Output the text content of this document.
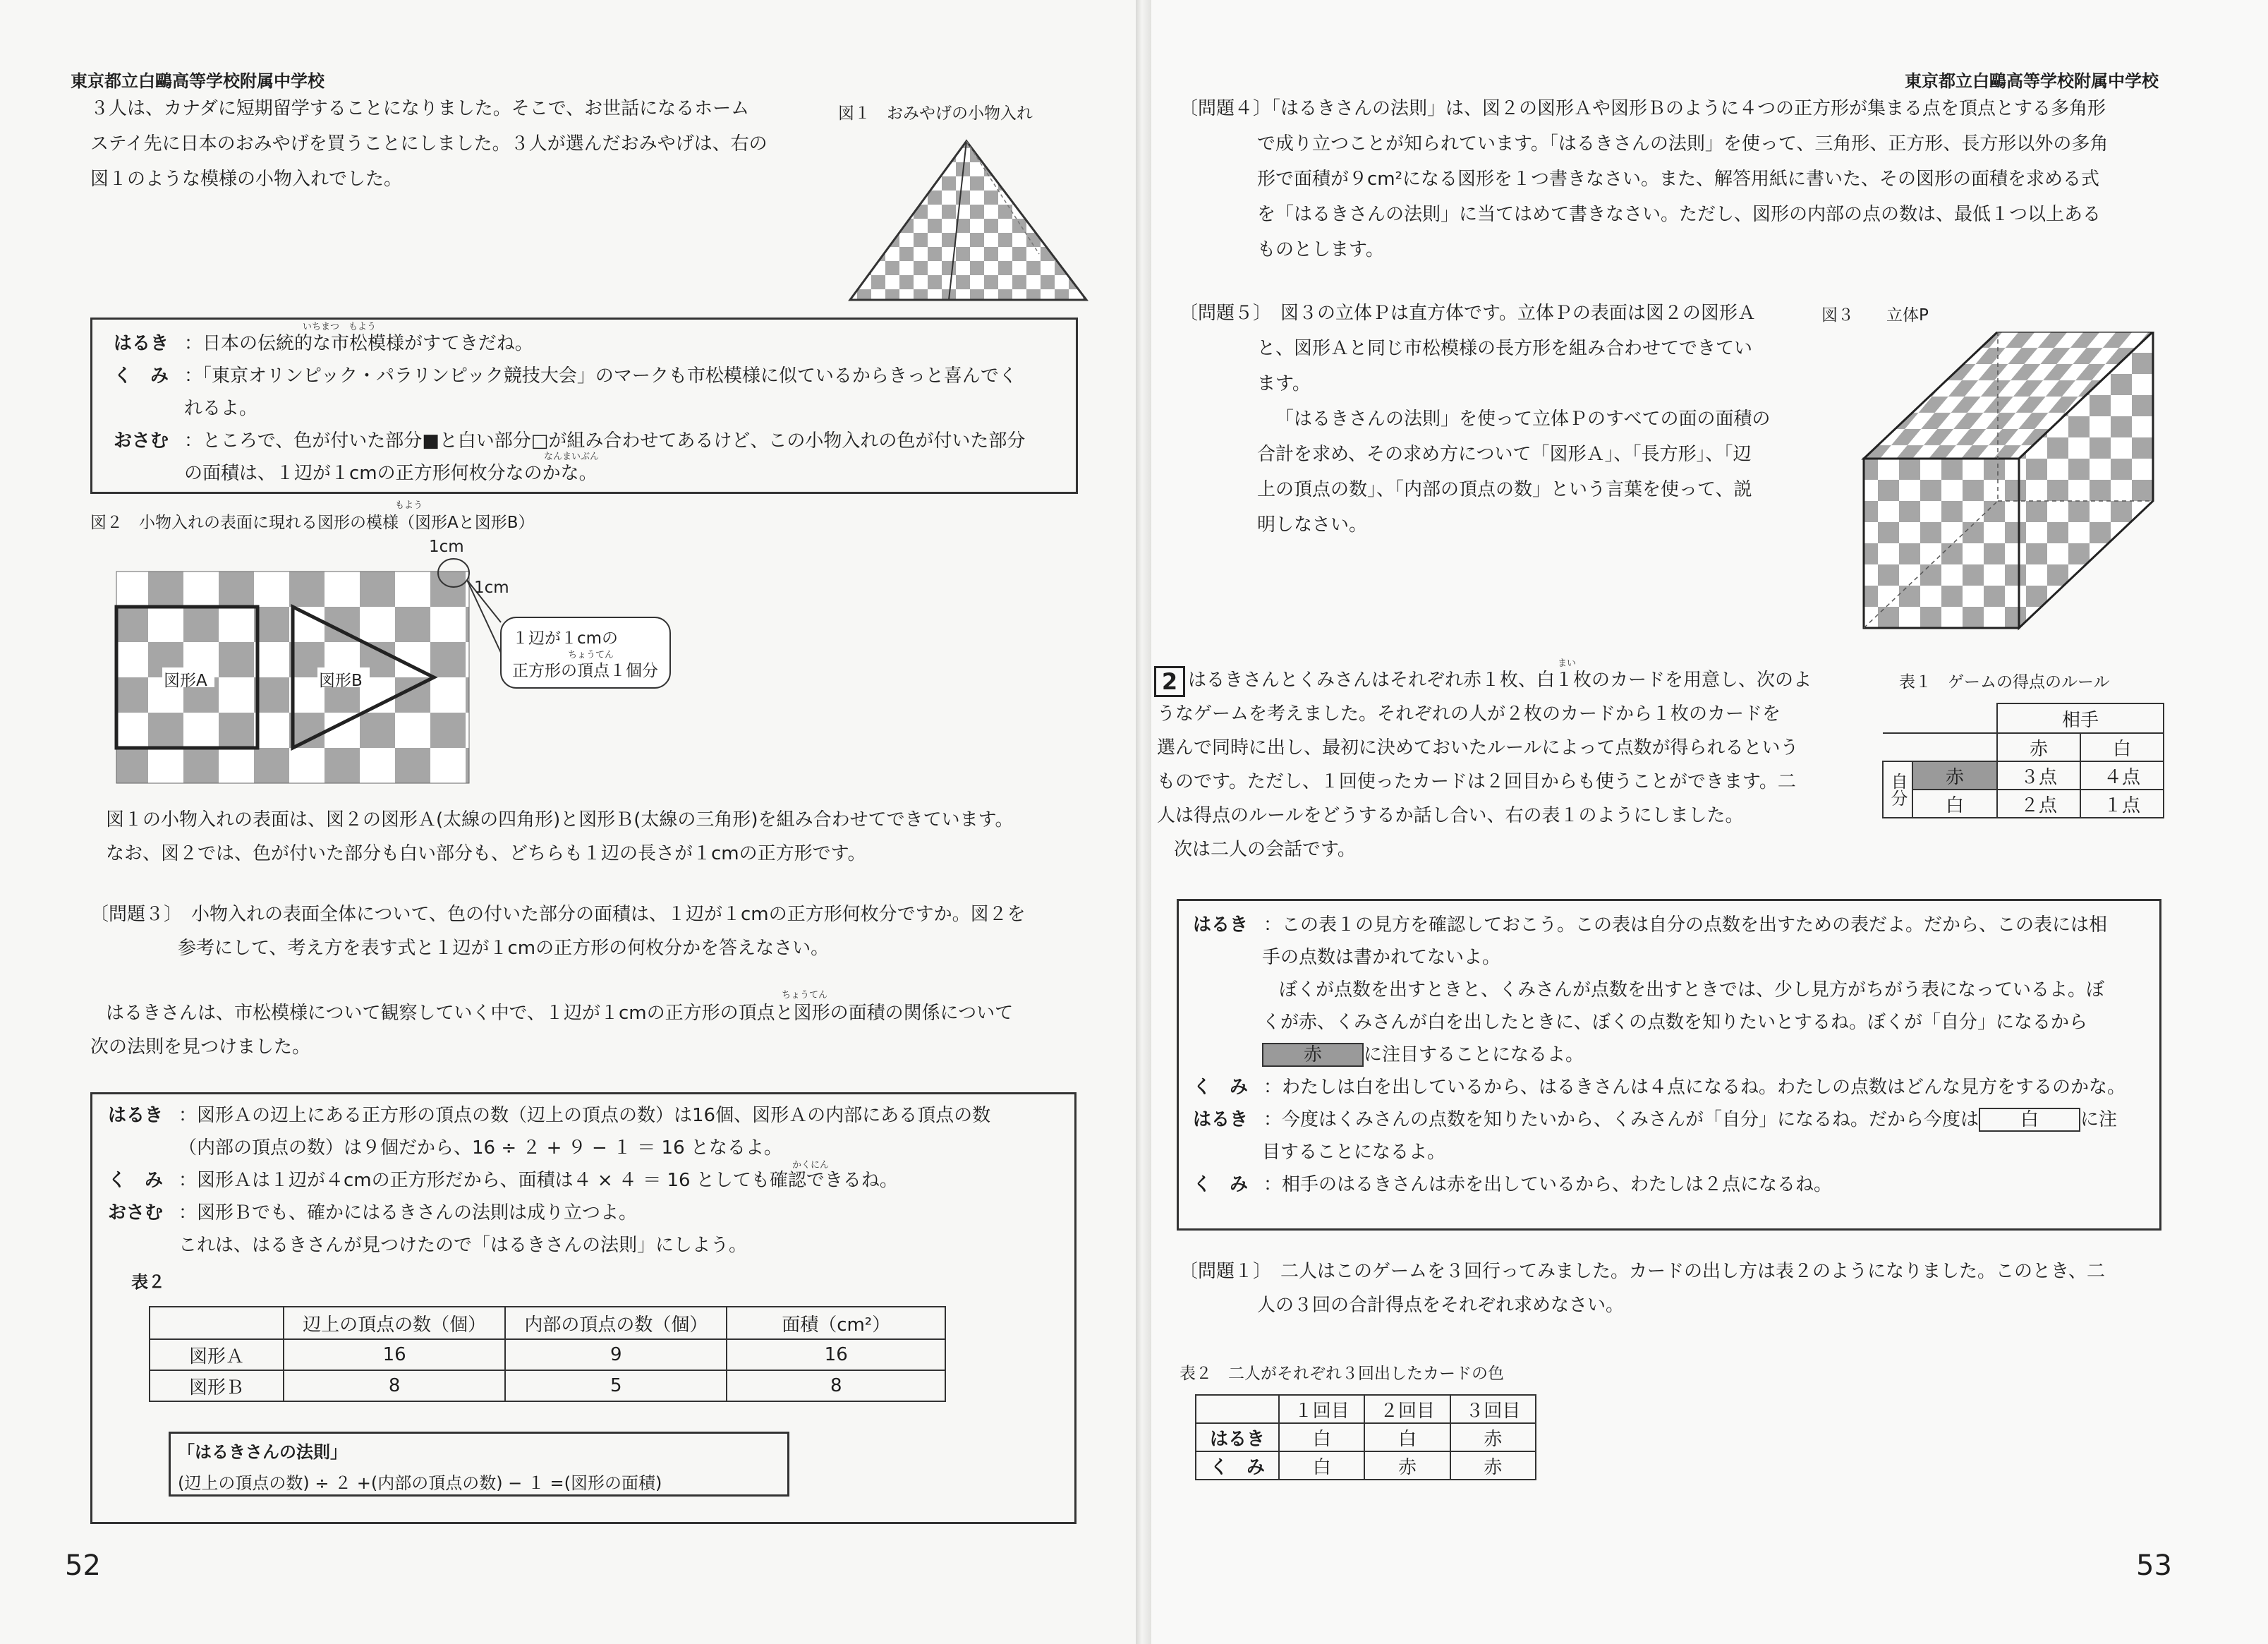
東京都立白鷗高等学校附属中学校
３人は、カナダに短期留学することになりました。そこで、お世話になるホーム
ステイ先に日本のおみやげを買うことにしました。３人が選んだおみやげは、右の
図１のような模様の小物入れでした。
図１　おみやげの小物入れ
はるき ：日本の伝統的な市松模様がすてきだね。
いちまつ　もよう
く　み ：「東京オリンピック・パラリンピック競技大会」のマークも市松模様に似ているからきっと喜んでく
れるよ。
おさむ ：ところで、色が付いた部分■と白い部分□が組み合わせてあるけど、この小物入れの色が付いた部分
なんまいぶん
の面積は、１辺が１cmの正方形何枚分なのかな。
図２　小物入れの表面に現れる図形の模様（図形Aと図形B）
もよう
1cm
1cm
１辺が１cmの
正方形の頂点１個分
ちょうてん
図形A	図形B
図１の小物入れの表面は、図２の図形Ａ(太線の四角形)と図形Ｂ(太線の三角形)を組み合わせてできています。
なお、図２では、色が付いた部分も白い部分も、どちらも１辺の長さが１cmの正方形です。
〔問題３〕　小物入れの表面全体について、色の付いた部分の面積は、１辺が１cmの正方形何枚分ですか。図２を
参考にして、考え方を表す式と１辺が１cmの正方形の何枚分かを答えなさい。
はるきさんは、市松模様について観察していく中で、１辺が１cmの正方形の頂点と図形の面積の関係について
ちょうてん
次の法則を見つけました。
はるき ：図形Ａの辺上にある正方形の頂点の数（辺上の頂点の数）は16個、図形Ａの内部にある頂点の数
（内部の頂点の数）は９個だから、16 ÷ ２ + ９ − １ ＝ 16 となるよ。
かくにん
く　み ：図形Ａは１辺が４cmの正方形だから、面積は４ × ４ ＝ 16 としても確認できるね。
おさむ ：図形Ｂでも、確かにはるきさんの法則は成り立つよ。
これは、はるきさんが見つけたので「はるきさんの法則」にしよう。
表２
	辺上の頂点の数（個）	内部の頂点の数（個）	面積（cm²）
図形Ａ	16	9	16
図形Ｂ	8	5	8
「はるきさんの法則」
(辺上の頂点の数) ÷ ２ +(内部の頂点の数) − １ =(図形の面積)
52
東京都立白鷗高等学校附属中学校
〔問題４〕「はるきさんの法則」は、図２の図形Ａや図形Ｂのように４つの正方形が集まる点を頂点とする多角形
で成り立つことが知られています。「はるきさんの法則」を使って、三角形、正方形、長方形以外の多角
形で面積が９cm²になる図形を１つ書きなさい。また、解答用紙に書いた、その図形の面積を求める式
を「はるきさんの法則」に当てはめて書きなさい。ただし、図形の内部の点の数は、最低１つ以上ある
ものとします。
〔問題５〕　図３の立体Ｐは直方体です。立体Ｐの表面は図２の図形Ａ
と、図形Ａと同じ市松模様の長方形を組み合わせてできてい
ます。
「はるきさんの法則」を使って立体Ｐのすべての面の面積の
合計を求め、その求め方について「図形Ａ」、「長方形」、「辺
上の頂点の数」、「内部の頂点の数」という言葉を使って、説
明しなさい。
図３　　立体P
2 はるきさんとくみさんはそれぞれ赤１枚、白１枚のカードを用意し、次のよ
まい
うなゲームを考えました。それぞれの人が２枚のカードから１枚のカードを
選んで同時に出し、最初に決めておいたルールによって点数が得られるという
ものです。ただし、１回使ったカードは２回目からも使うことができます。二
人は得点のルールをどうするか話し合い、右の表１のようにしました。
次は二人の会話です。
表１　ゲームの得点のルール
		相手	
		赤	白
自分	赤	３点	４点
	白	２点	１点
はるき ：この表１の見方を確認しておこう。この表は自分の点数を出すための表だよ。だから、この表には相
手の点数は書かれてないよ。
ぼくが点数を出すときと、くみさんが点数を出すときでは、少し見方がちがう表になっているよ。ぼ
くが赤、くみさんが白を出したときに、ぼくの点数を知りたいとするね。ぼくが「自分」になるから
赤 に注目することになるよ。
く　み ：わたしは白を出しているから、はるきさんは４点になるね。わたしの点数はどんな見方をするのかな。
はるき ：今度はくみさんの点数を知りたいから、くみさんが「自分」になるね。だから今度は 白 に注
目することになるよ。
く　み ：相手のはるきさんは赤を出しているから、わたしは２点になるね。
〔問題１〕　二人はこのゲームを３回行ってみました。カードの出し方は表２のようになりました。このとき、二
人の３回の合計得点をそれぞれ求めなさい。
表２　二人がそれぞれ３回出したカードの色
	１回目	２回目	３回目
はるき	白	白	赤
く　み	白	赤	赤
53
